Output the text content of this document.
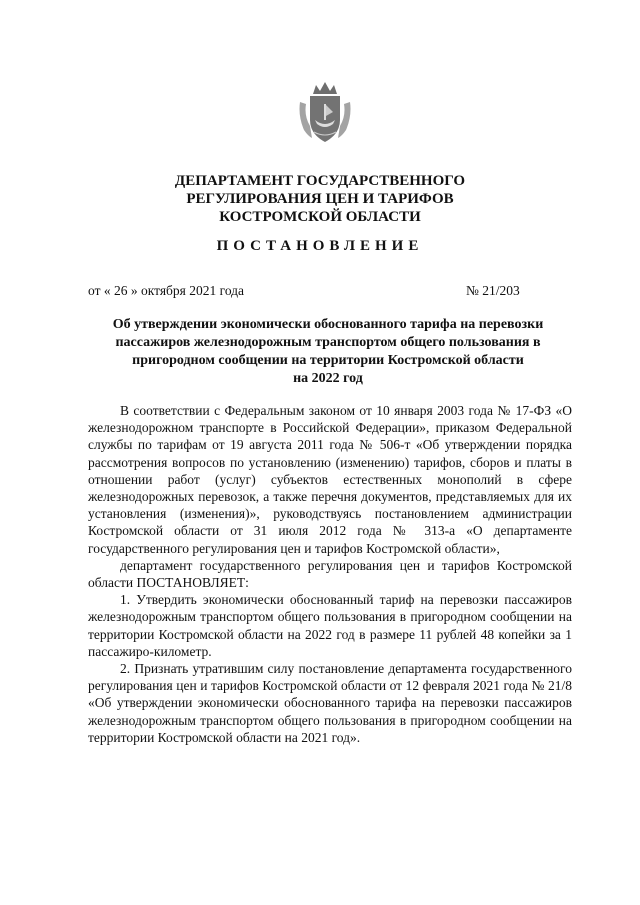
ДЕПАРТАМЕНТ ГОСУДАРСТВЕННОГО
РЕГУЛИРОВАНИЯ ЦЕН И ТАРИФОВ
КОСТРОМСКОЙ ОБЛАСТИ
ПОСТАНОВЛЕНИЕ
от « 26 » октября 2021 года	№ 21/203
Об утверждении экономически обоснованного тарифа на перевозки
пассажиров железнодорожным транспортом общего пользования в
пригородном сообщении на территории Костромской области
на 2022 год

В соответствии с Федеральным законом от 10 января 2003 года № 17-ФЗ «О железнодорожном транспорте в Российской Федерации», приказом Федеральной службы по тарифам от 19 августа 2011 года № 506-т «Об утверждении порядка рассмотрения вопросов по установлению (изменению) тарифов, сборов и платы в отношении работ (услуг) субъектов естественных монополий в сфере железнодорожных перевозок, а также перечня документов, представляемых для их установления (изменения)», руководствуясь постановлением администрации Костромской области от 31 июля 2012 года № 313-а «О департаменте государственного регулирования цен и тарифов Костромской области»,

департамент государственного регулирования цен и тарифов Костромской области ПОСТАНОВЛЯЕТ:

1. Утвердить экономически обоснованный тариф на перевозки пассажиров железнодорожным транспортом общего пользования в пригородном сообщении на территории Костромской области на 2022 год в размере 11 рублей 48 копейки за 1 пассажиро-километр.

2. Признать утратившим силу постановление департамента государственного регулирования цен и тарифов Костромской области от 12 февраля 2021 года № 21/8 «Об утверждении экономически обоснованного тарифа на перевозки пассажиров железнодорожным транспортом общего пользования в пригородном сообщении на территории Костромской области на 2021 год».
